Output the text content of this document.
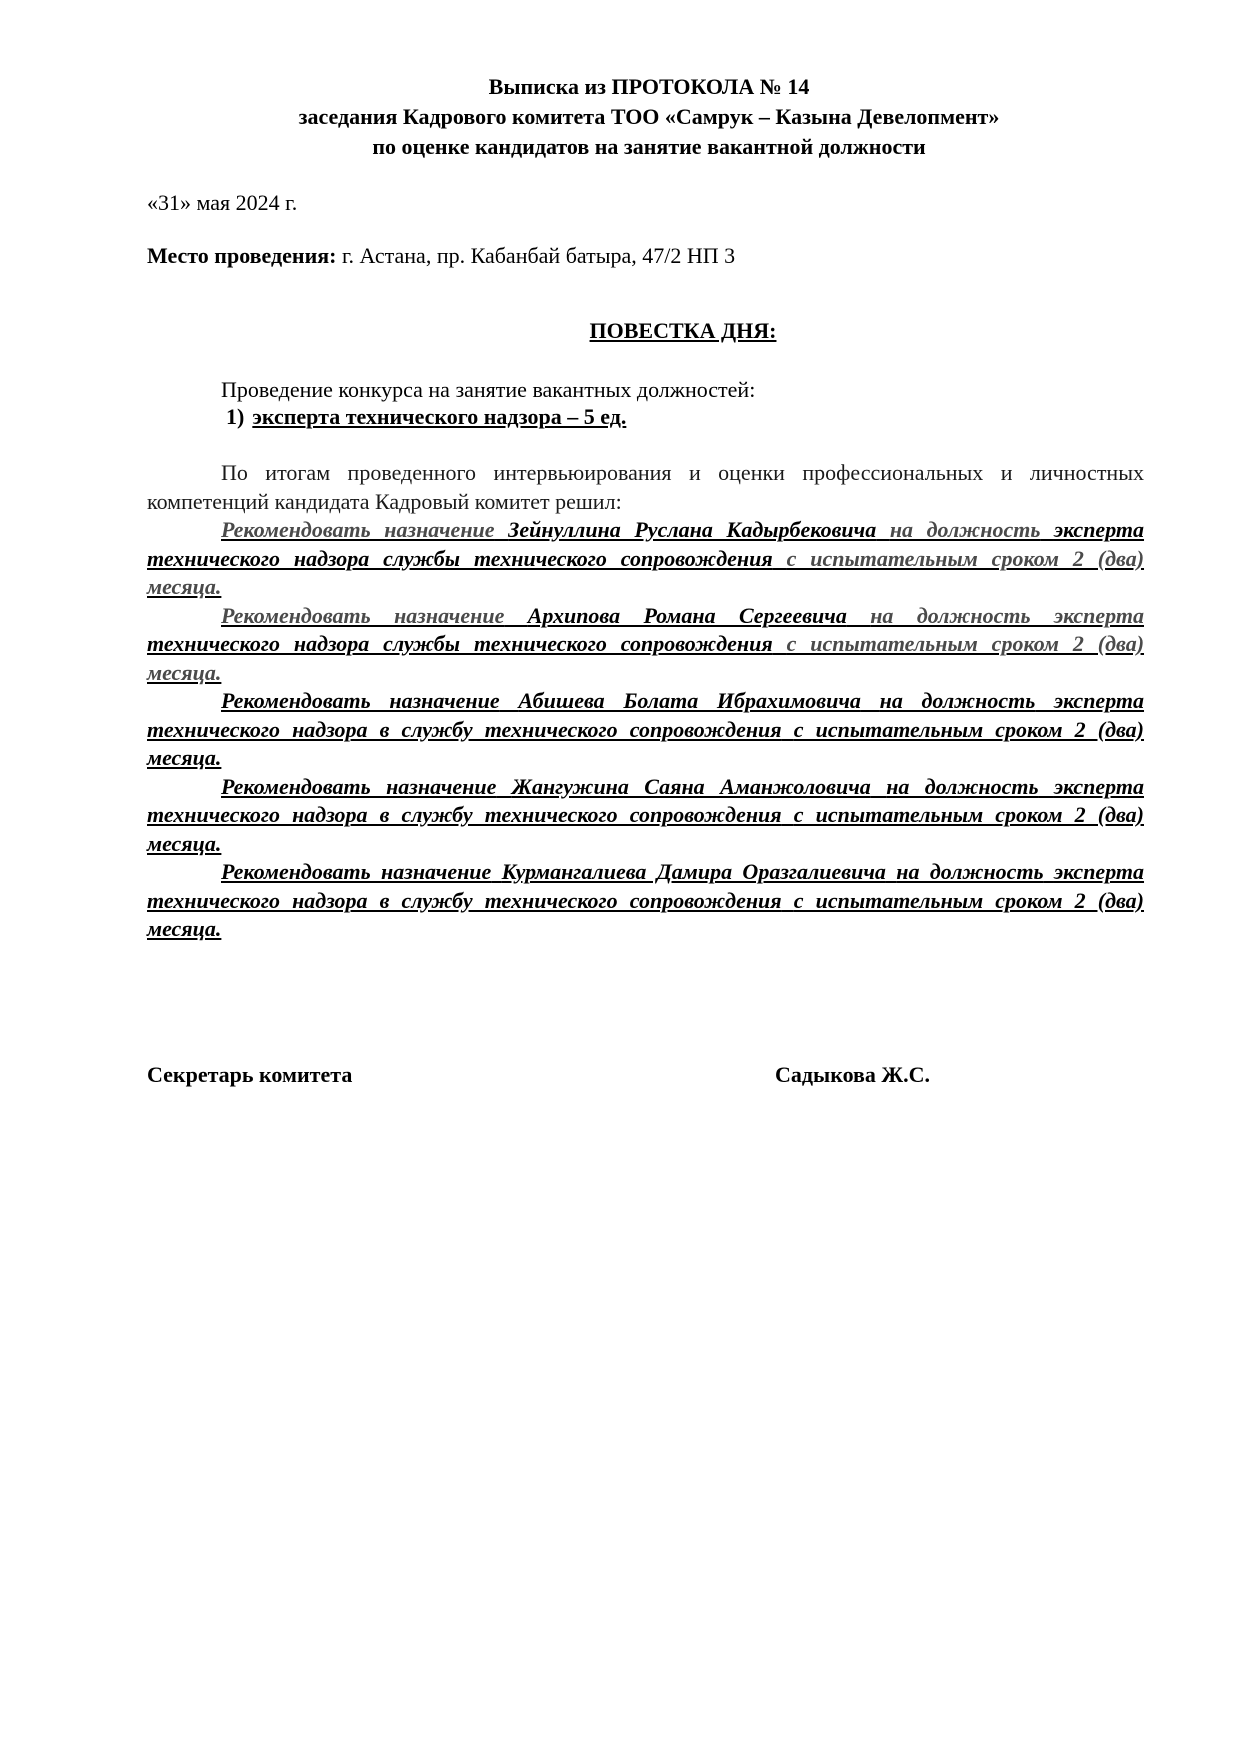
Выписка из ПРОТОКОЛА № 14
заседания Кадрового комитета ТОО «Самрук – Казына Девелопмент»
по оценке кандидатов на занятие вакантной должности
«31» мая 2024 г.
Место проведения: г. Астана, пр. Кабанбай батыра, 47/2 НП 3
ПОВЕСТКА ДНЯ:
Проведение конкурса на занятие вакантных должностей:
1) эксперта технического надзора – 5 ед.

По итогам проведенного интервьюирования и оценки профессиональных и личностных компетенций кандидата Кадровый комитет решил:

Рекомендовать назначение Зейнуллина Руслана Кадырбековича на должность эксперта технического надзора службы технического сопровождения с испытательным сроком 2 (два) месяца.

Рекомендовать назначение Архипова Романа Сергеевича на должность эксперта технического надзора службы технического сопровождения с испытательным сроком 2 (два) месяца.

Рекомендовать назначение Абишева Болата Ибрахимовича на должность эксперта технического надзора в службу технического сопровождения с испытательным сроком 2 (два) месяца.

Рекомендовать назначение Жангужина Саяна Аманжоловича на должность эксперта технического надзора в службу технического сопровождения с испытательным сроком 2 (два) месяца.

Рекомендовать назначение Курмангалиева Дамира Оразгалиевича на должность эксперта технического надзора в службу технического сопровождения с испытательным сроком 2 (два) месяца.

Секретарь комитета	Садыкова Ж.С.
